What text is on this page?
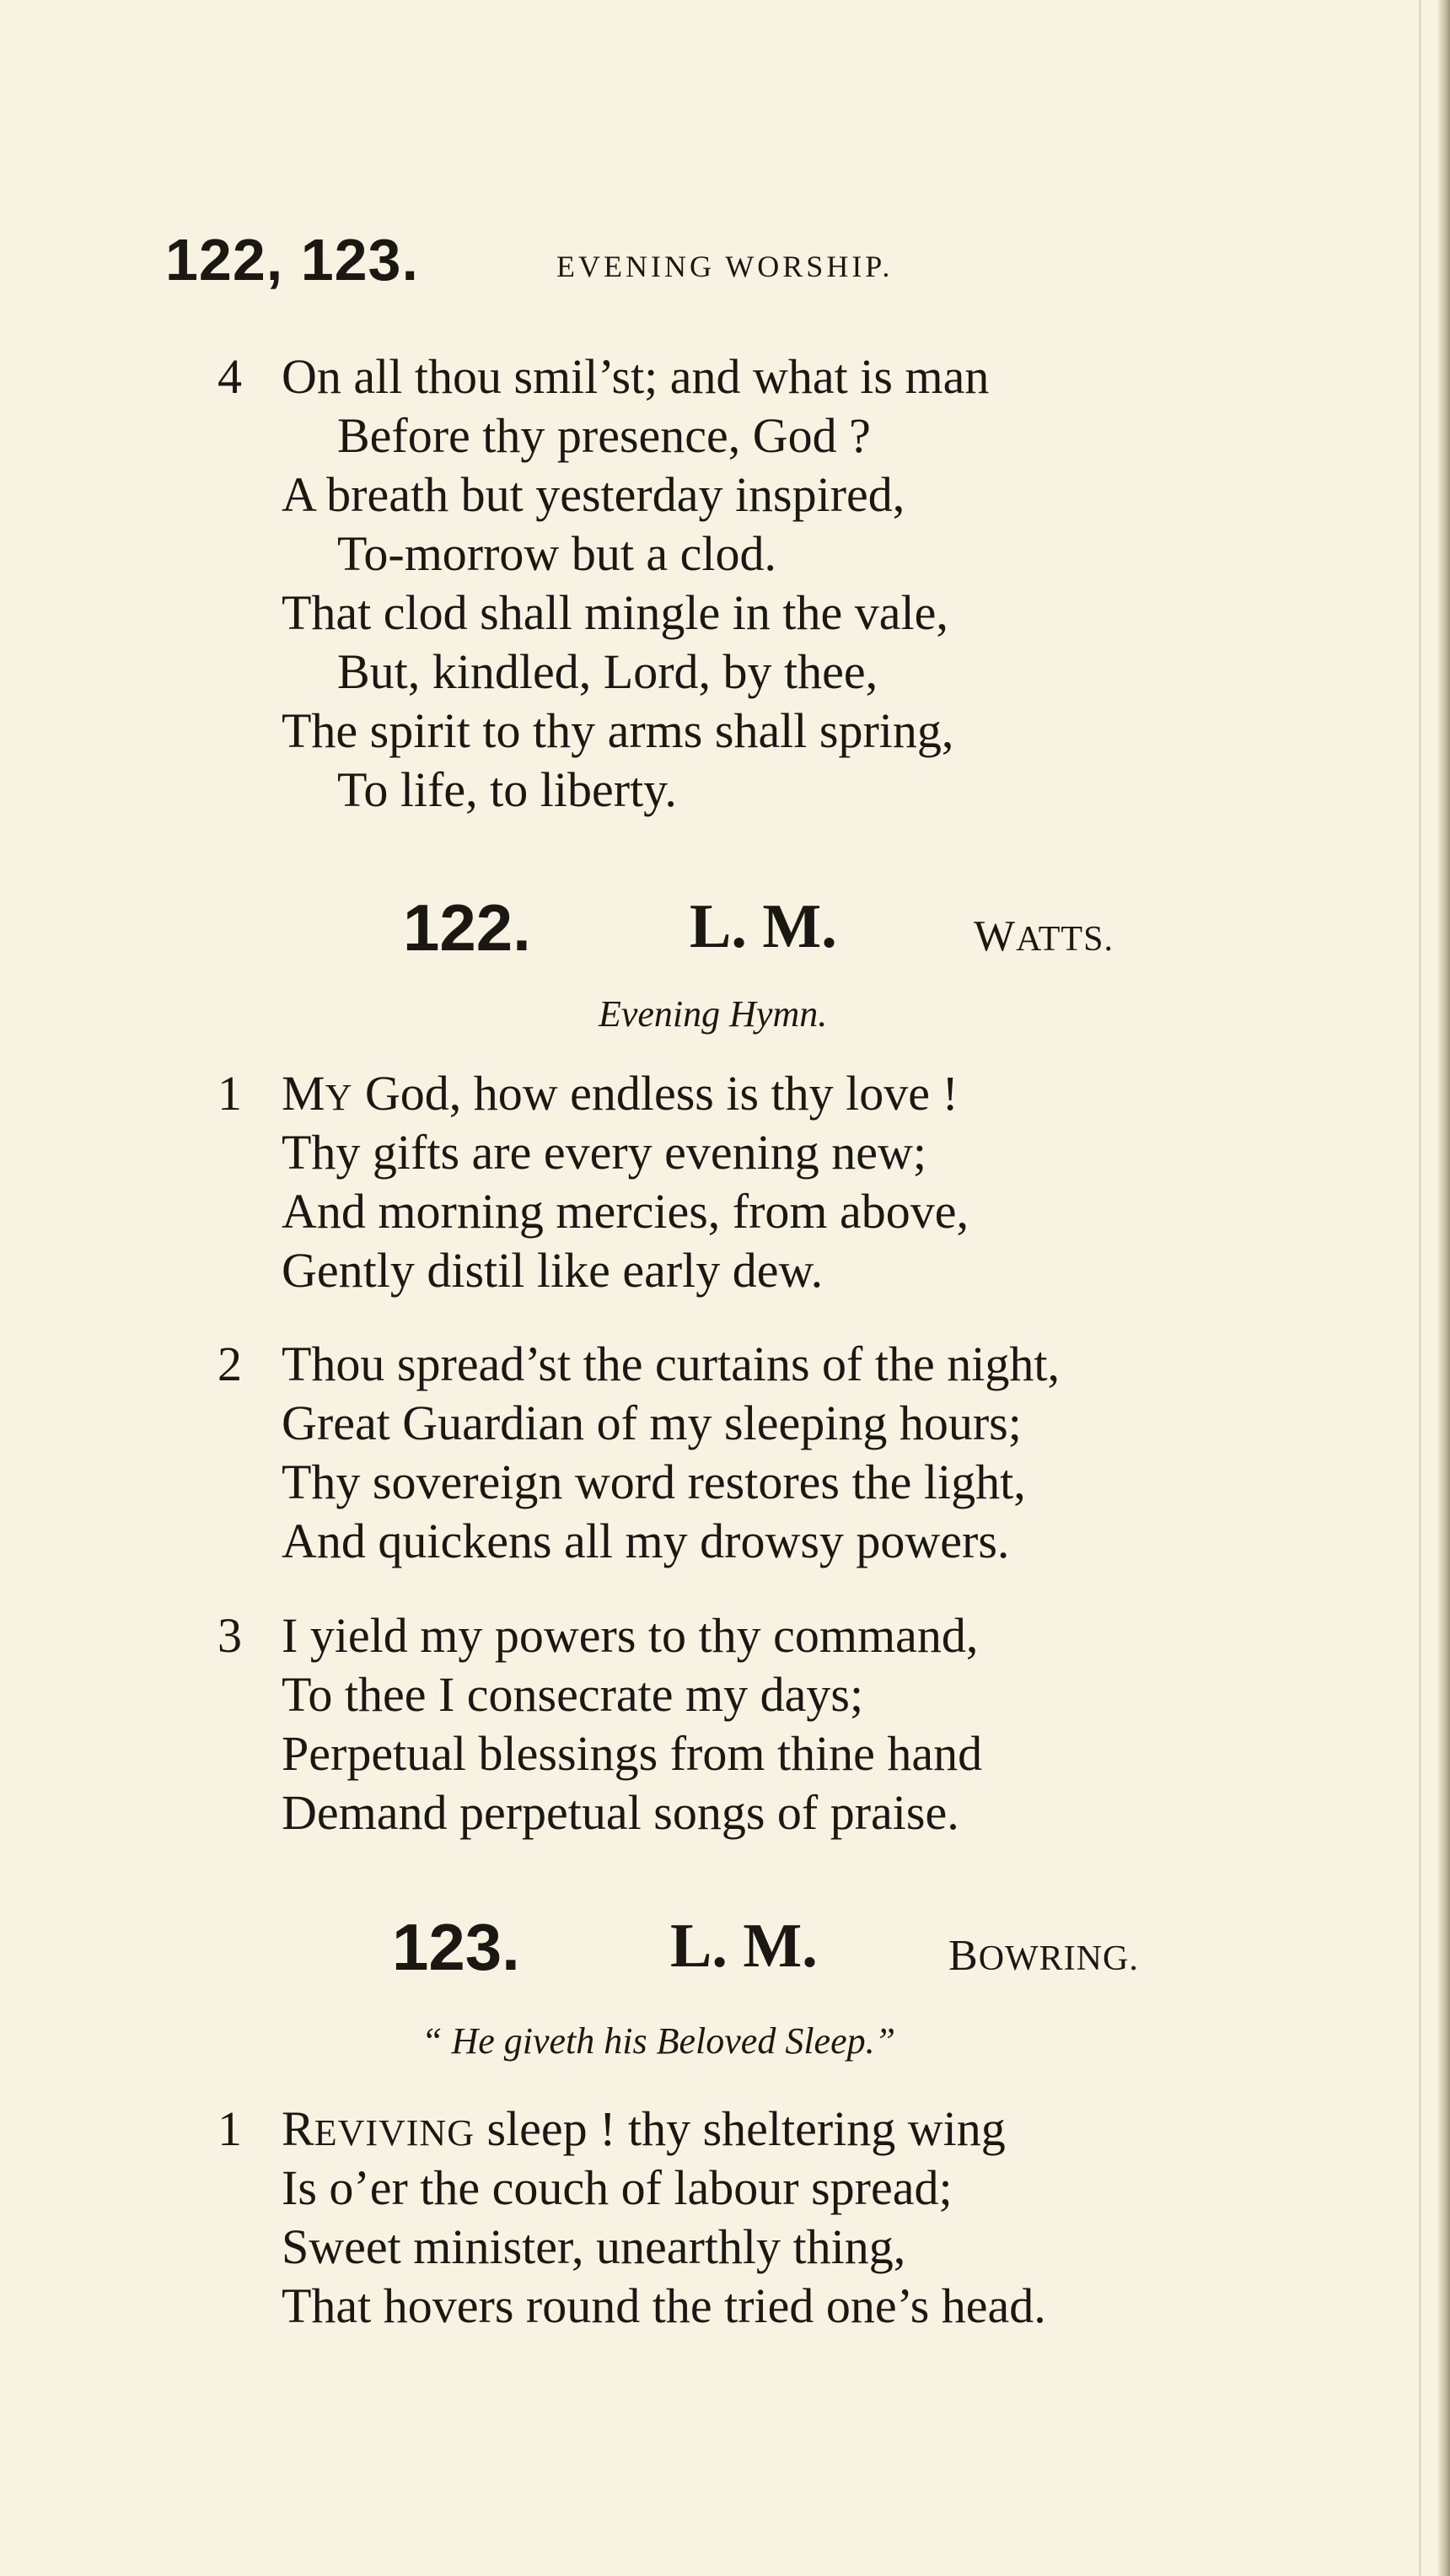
122, 123.	EVENING WORSHIP.
4 On all thou smil’st; and what is man
Before thy presence, God ?
A breath but yesterday inspired,
To-morrow but a clod.
That clod shall mingle in the vale,
But, kindled, Lord, by thee,
The spirit to thy arms shall spring,
To life, to liberty.
122.	L. M.	WATTS.
Evening Hymn.
1 MY God, how endless is thy love !
Thy gifts are every evening new;
And morning mercies, from above,
Gently distil like early dew.
2 Thou spread’st the curtains of the night,
Great Guardian of my sleeping hours;
Thy sovereign word restores the light,
And quickens all my drowsy powers.
3 I yield my powers to thy command,
To thee I consecrate my days;
Perpetual blessings from thine hand
Demand perpetual songs of praise.
123. L. M.	BOWRING.
“ He giveth his Beloved Sleep.”
1 REVIVING sleep ! thy sheltering wing
Is o’er the couch of labour spread;
Sweet minister, unearthly thing,
That hovers round the tried one’s head.
